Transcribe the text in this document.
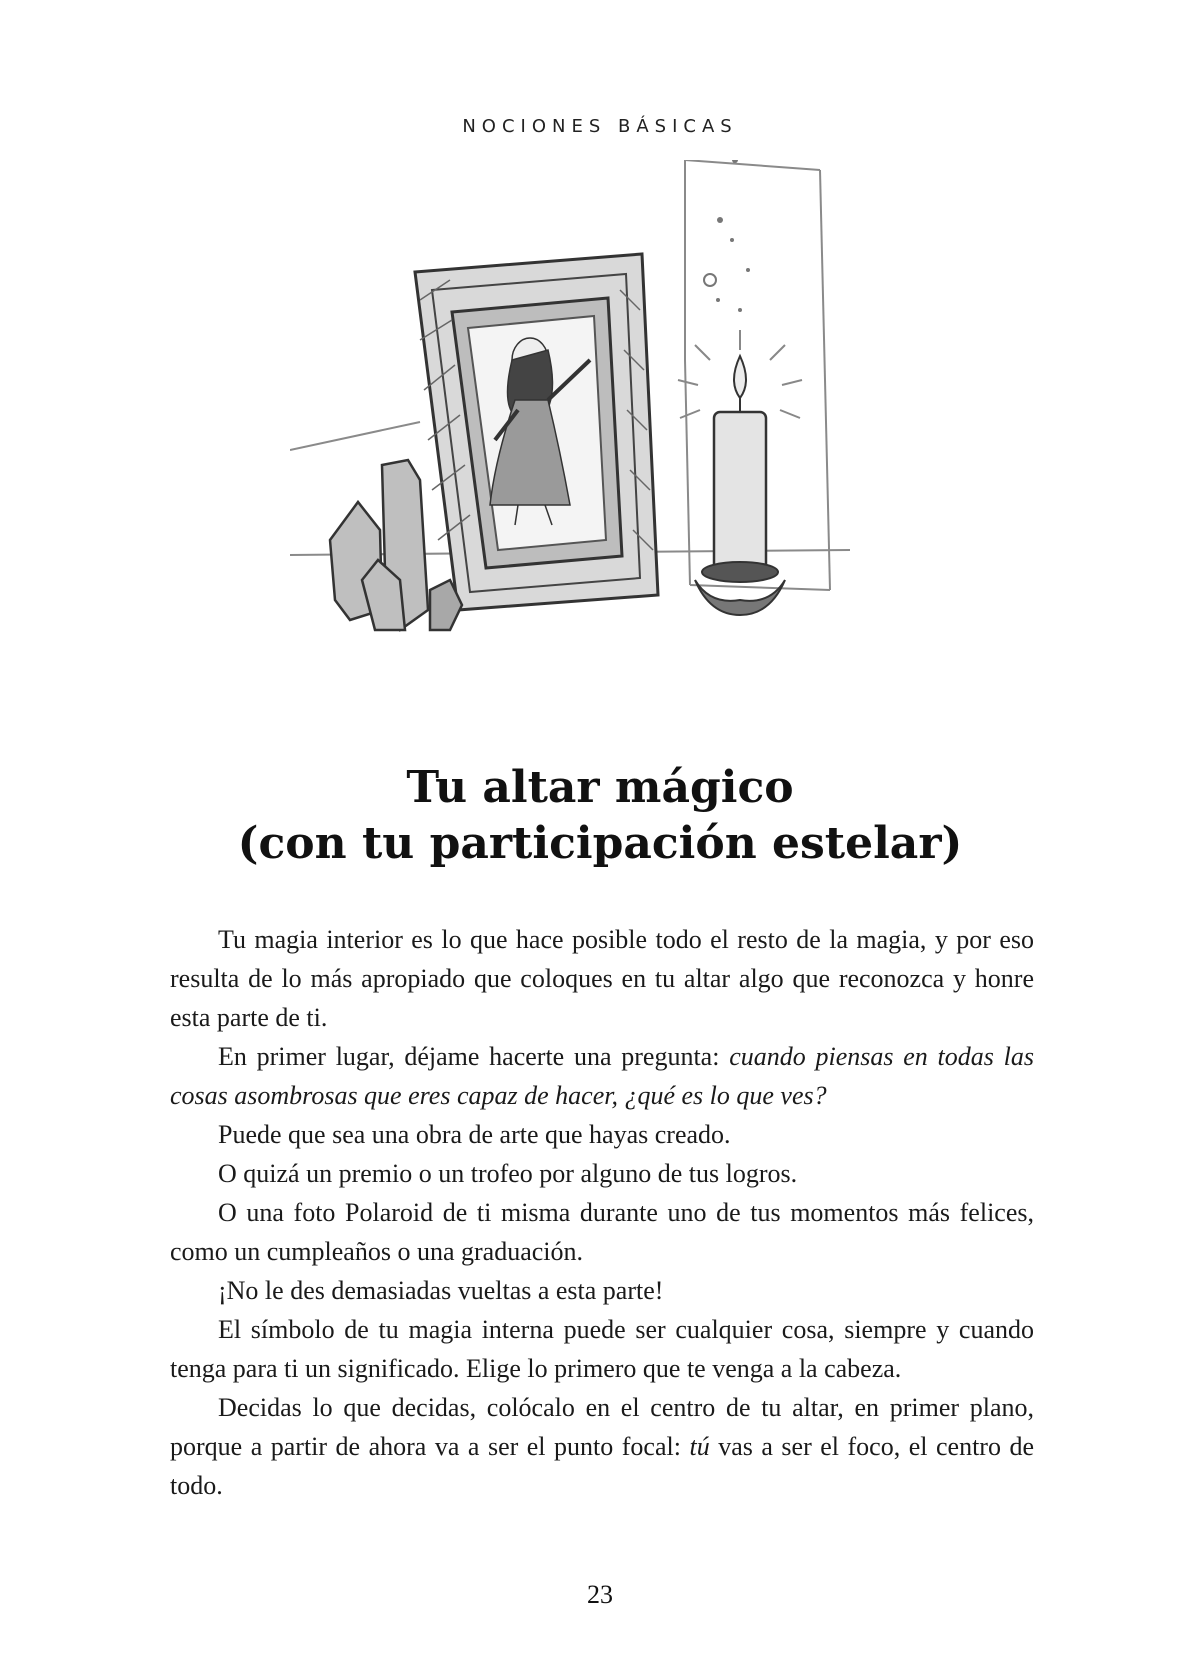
NOCIONES BÁSICAS
Tu altar mágico
(con tu participación estelar)

Tu magia interior es lo que hace posible todo el resto de la magia, y por eso resulta de lo más apropiado que coloques en tu altar algo que reconozca y honre esta parte de ti.

En primer lugar, déjame hacerte una pregunta: cuando piensas en todas las cosas asombrosas que eres capaz de hacer, ¿qué es lo que ves?

Puede que sea una obra de arte que hayas creado.

O quizá un premio o un trofeo por alguno de tus logros.

O una foto Polaroid de ti misma durante uno de tus momentos más felices, como un cumpleaños o una graduación.

¡No le des demasiadas vueltas a esta parte!

El símbolo de tu magia interna puede ser cualquier cosa, siempre y cuando tenga para ti un significado. Elige lo primero que te venga a la cabeza.

Decidas lo que decidas, colócalo en el centro de tu altar, en primer plano, porque a partir de ahora va a ser el punto focal: tú vas a ser el foco, el centro de todo.

23
